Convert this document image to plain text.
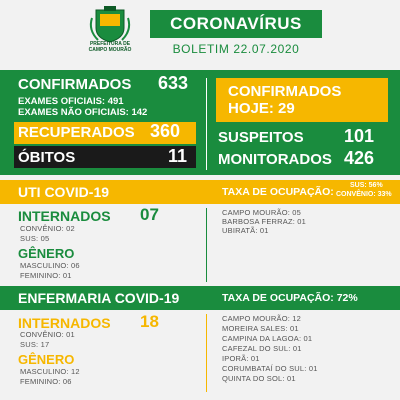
PREFEITURA DE
CAMPO MOURÃO
CORONAVÍRUS
BOLETIM 22.07.2020
CONFIRMADOS 633
EXAMES OFICIAIS: 491
EXAMES NÃO OFICIAIS: 142
RECUPERADOS 360
ÓBITOS	11
CONFIRMADOS
HOJE: 29
SUSPEITOS 101
MONITORADOS 426
UTI COVID-19	TAXA DE OCUPAÇÃO:
SUS: 56%
CONVÊNIO: 33%
INTERNADOS 07
CONVÊNIO: 02
SUS: 05
GÊNERO
MASCULINO: 06
FEMININO: 01
CAMPO MOURÃO: 05
BARBOSA FERRAZ: 01
UBIRATÃ: 01
ENFERMARIA COVID-19	TAXA DE OCUPAÇÃO: 72%
INTERNADOS 18
CONVÊNIO: 01
SUS: 17
GÊNERO
MASCULINO: 12
FEMININO: 06
CAMPO MOURÃO: 12
MOREIRA SALES: 01
CAMPINA DA LAGOA: 01
CAFEZAL DO SUL: 01
IPORÃ: 01
CORUMBATAÍ DO SUL: 01
QUINTA DO SOL: 01
